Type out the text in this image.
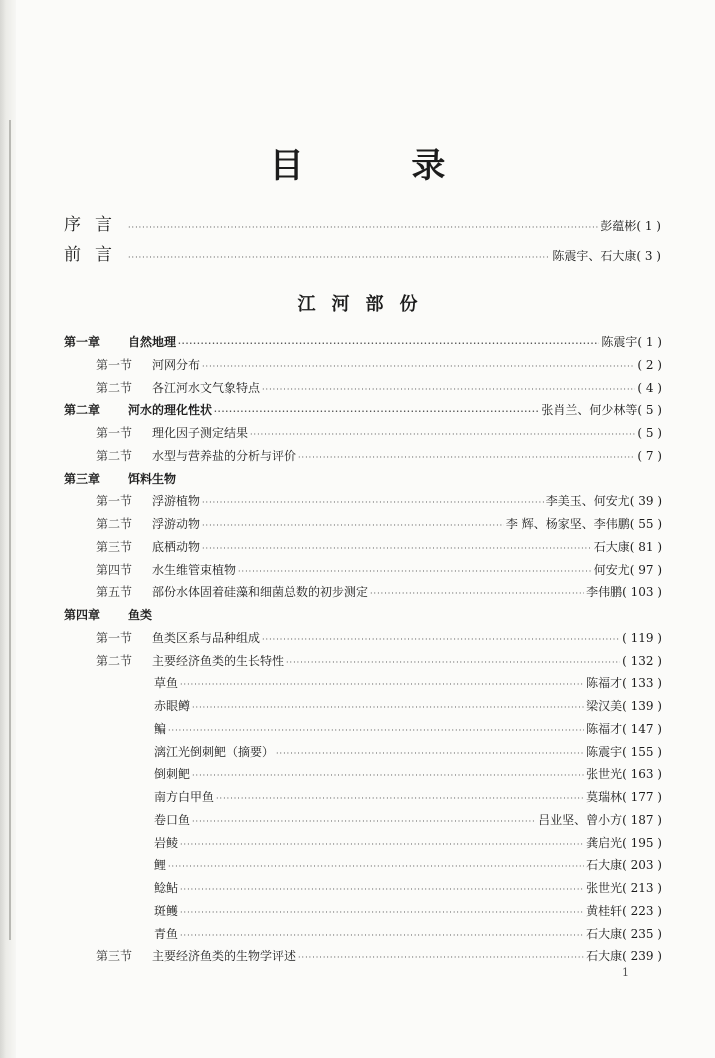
目 录
序言 ·····	彭蕴彬( 1 )
前言 ·····	陈震宇、石大康( 3 )
江河部份
第一章 自然地理 ·····	陈震宇( 1 )
第一节 河网分布 ·····	( 2 )
第二节 各江河水文气象特点 ·····	( 4 )
第二章 河水的理化性状 ·····	张肖兰、何少林等( 5 )
第一节 理化因子测定结果 ·····	( 5 )
第二节 水型与营养盐的分析与评价 ·····	( 7 )
第三章 饵料生物
第一节 浮游植物 ·····	李美玉、何安尤( 39 )
第二节 浮游动物 ·····	李 辉、杨家坚、李伟鹏( 55 )
第三节 底栖动物 ·····	石大康( 81 )
第四节 水生维管束植物 ·····	何安尤( 97 )
第五节 部份水体固着硅藻和细菌总数的初步测定 ·····	李伟鹏( 103 )
第四章 鱼类
第一节 鱼类区系与品种组成 ·····	( 119 )
第二节 主要经济鱼类的生长特性 ·····	( 132 )
草鱼 ·····	陈福才( 133 )
赤眼鳟 ·····	梁汉美( 139 )
鳊 ·····	陈福才( 147 )
漓江光倒刺鲃（摘要） ·····	陈震宇( 155 )
倒刺鲃 ·····	张世光( 163 )
南方白甲鱼 ·····	莫瑞林( 177 )
卷口鱼 ·····	吕业坚、曾小方( 187 )
岩鲮 ·····	龚启光( 195 )
鲤 ·····	石大康( 203 )
鲶鲇 ·····	张世光( 213 )
斑鳠 ·····	黄桂轩( 223 )
青鱼 ·····	石大康( 235 )
第三节 主要经济鱼类的生物学评述 ·····	石大康( 239 )
1
